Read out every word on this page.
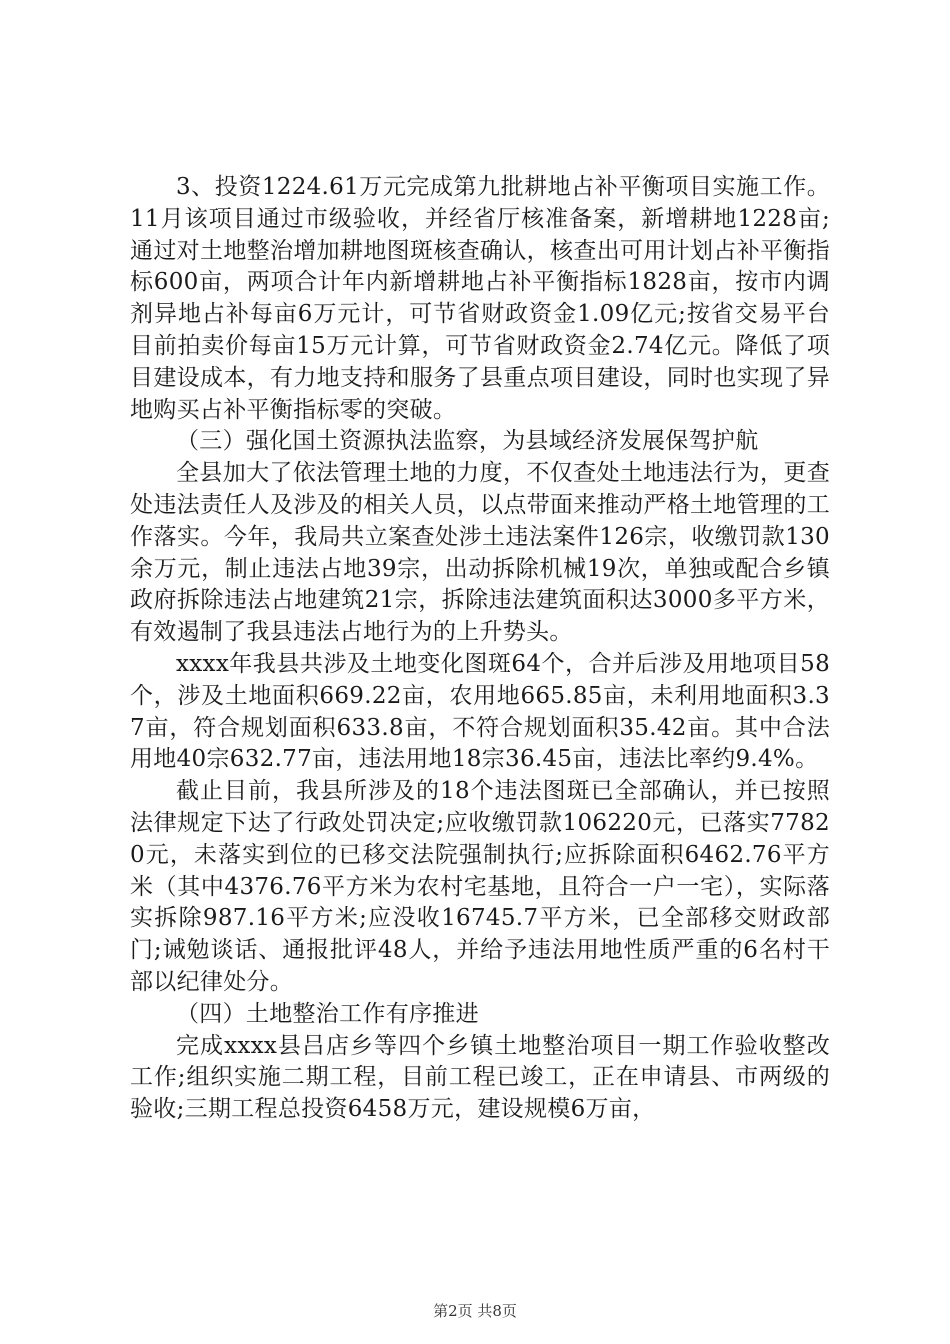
3、投资1224.61万元完成第九批耕地占补平衡项目实施工作。11月该项目通过市级验收，并经省厅核准备案，新增耕地1228亩;通过对土地整治增加耕地图斑核查确认，核查出可用计划占补平衡指标600亩，两项合计年内新增耕地占补平衡指标1828亩，按市内调剂异地占补每亩6万元计，可节省财政资金1.09亿元;按省交易平台目前拍卖价每亩15万元计算，可节省财政资金2.74亿元。降低了项目建设成本，有力地支持和服务了县重点项目建设，同时也实现了异地购买占补平衡指标零的突破。

（三）强化国土资源执法监察，为县域经济发展保驾护航

全县加大了依法管理土地的力度，不仅查处土地违法行为，更查处违法责任人及涉及的相关人员，以点带面来推动严格土地管理的工作落实。今年，我局共立案查处涉土违法案件126宗，收缴罚款130余万元，制止违法占地39宗，出动拆除机械19次，单独或配合乡镇政府拆除违法占地建筑21宗，拆除违法建筑面积达3000多平方米，有效遏制了我县违法占地行为的上升势头。

xxxx年我县共涉及土地变化图斑64个，合并后涉及用地项目58个，涉及土地面积669.22亩，农用地665.85亩，未利用地面积3.37亩，符合规划面积633.8亩，不符合规划面积35.42亩。其中合法用地40宗632.77亩，违法用地18宗36.45亩，违法比率约9.4%。

截止目前，我县所涉及的18个违法图斑已全部确认，并已按照法律规定下达了行政处罚决定;应收缴罚款106220元，已落实77820元，未落实到位的已移交法院强制执行;应拆除面积6462.76平方米（其中4376.76平方米为农村宅基地，且符合一户一宅），实际落实拆除987.16平方米;应没收16745.7平方米，已全部移交财政部门;诫勉谈话、通报批评48人，并给予违法用地性质严重的6名村干部以纪律处分。

（四）土地整治工作有序推进

完成xxxx县吕店乡等四个乡镇土地整治项目一期工作验收整改工作;组织实施二期工程，目前工程已竣工，正在申请县、市两级的验收;三期工程总投资6458万元，建设规模6万亩，

第2页 共8页
